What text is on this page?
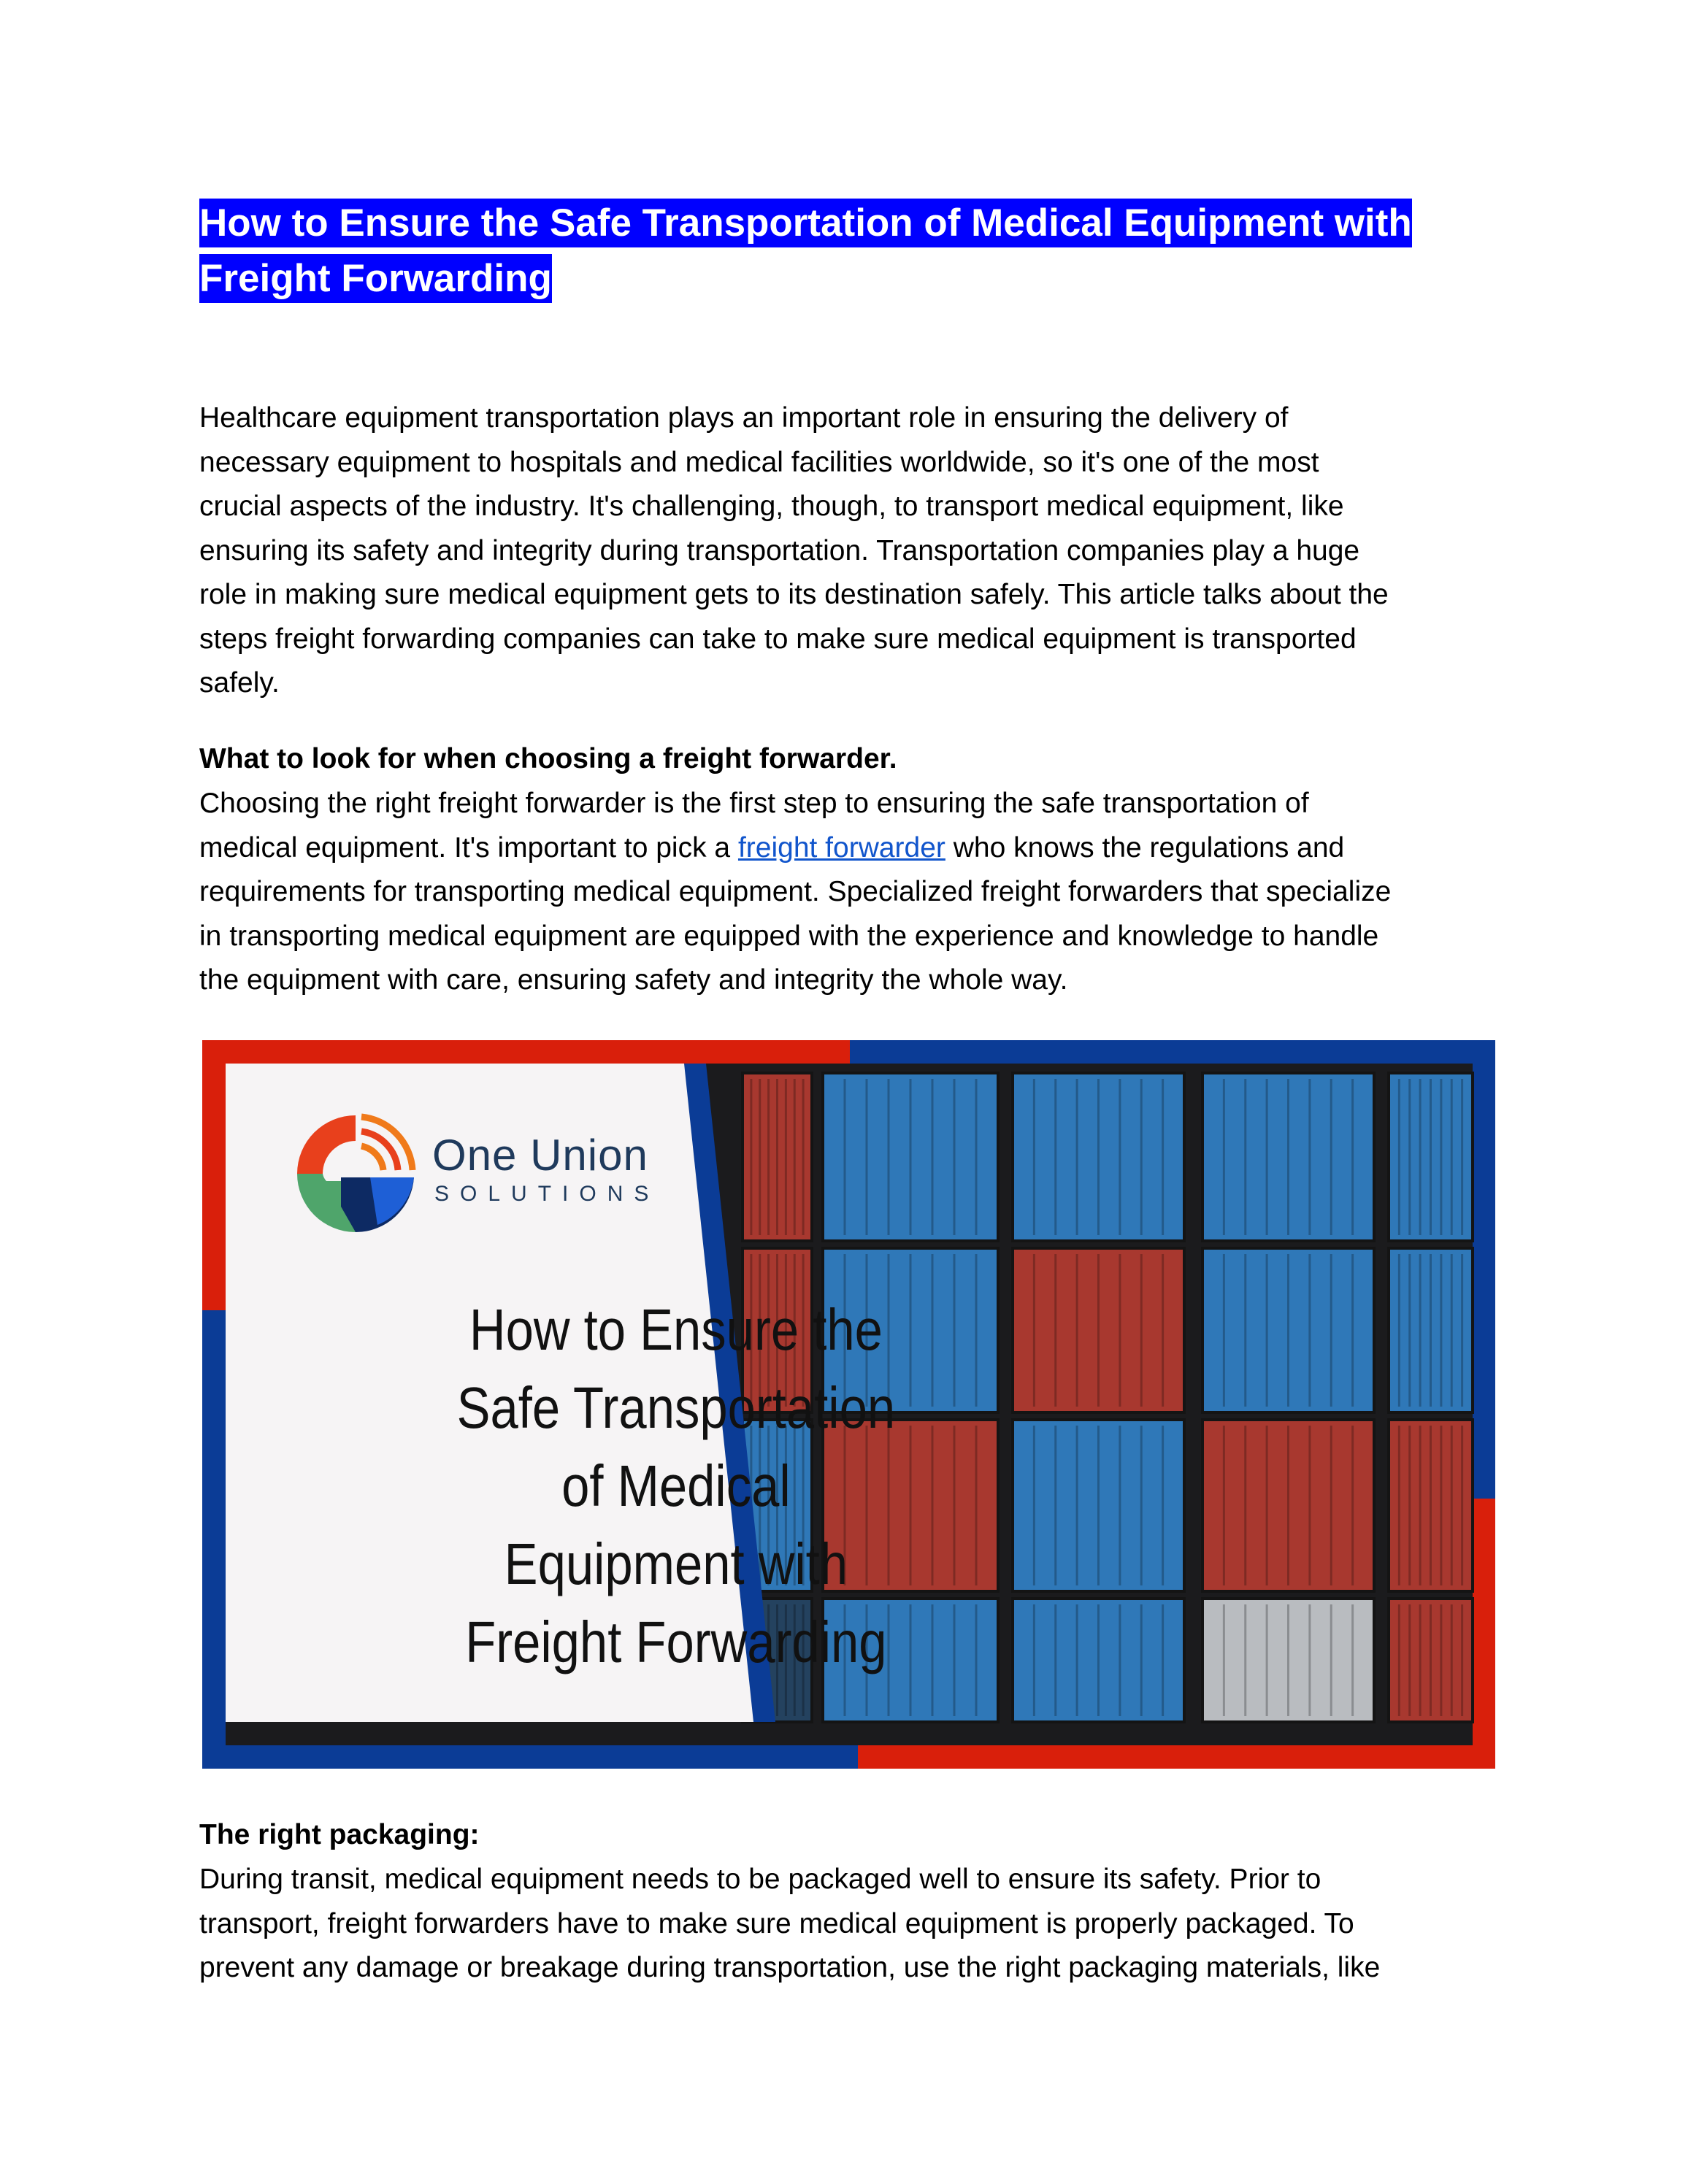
How to Ensure the Safe Transportation of Medical Equipment with
Freight Forwarding
Healthcare equipment transportation plays an important role in ensuring the delivery of
necessary equipment to hospitals and medical facilities worldwide, so it's one of the most
crucial aspects of the industry. It's challenging, though, to transport medical equipment, like
ensuring its safety and integrity during transportation. Transportation companies play a huge
role in making sure medical equipment gets to its destination safely. This article talks about the
steps freight forwarding companies can take to make sure medical equipment is transported
safely.
What to look for when choosing a freight forwarder.
Choosing the right freight forwarder is the first step to ensuring the safe transportation of
medical equipment. It's important to pick a freight forwarder who knows the regulations and
requirements for transporting medical equipment. Specialized freight forwarders that specialize
in transporting medical equipment are equipped with the experience and knowledge to handle
the equipment with care, ensuring safety and integrity the whole way.
One Union
SOLUTIONS
How to Ensure the
Safe Transportation
of Medical
Equipment with
Freight Forwarding
The right packaging:
During transit, medical equipment needs to be packaged well to ensure its safety. Prior to
transport, freight forwarders have to make sure medical equipment is properly packaged. To
prevent any damage or breakage during transportation, use the right packaging materials, like
